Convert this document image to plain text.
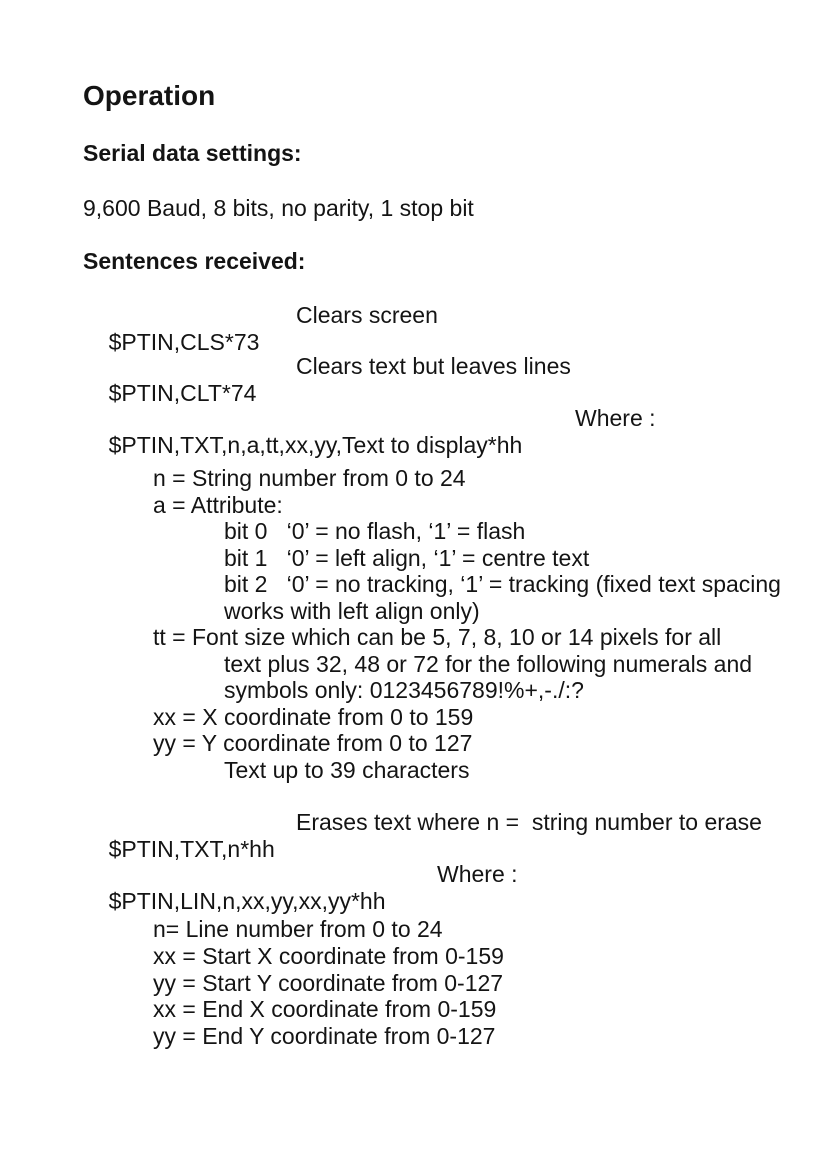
Operation
Serial data settings:
9,600 Baud, 8 bits, no parity, 1 stop bit
Sentences received:

$PTIN,CLS*73

Clears screen

$PTIN,CLT*74

Clears text but leaves lines

$PTIN,TXT,n,a,tt,xx,yy,Text to display*hh

Where :

n = String number from 0 to 24
a = Attribute:
bit 0   ‘0’ = no flash, ‘1’ = flash
bit 1   ‘0’ = left align, ‘1’ = centre text
bit 2   ‘0’ = no tracking, ‘1’ = tracking (fixed text spacing
works with left align only)
tt = Font size which can be 5, 7, 8, 10 or 14 pixels for all
text plus 32, 48 or 72 for the following numerals and
symbols only: 0123456789!%+,-./:?
xx = X coordinate from 0 to 159
yy = Y coordinate from 0 to 127
Text up to 39 characters

$PTIN,TXT,n*hh

Erases text where n =  string number to erase

$PTIN,LIN,n,xx,yy,xx,yy*hh

Where :

n= Line number from 0 to 24
xx = Start X coordinate from 0-159
yy = Start Y coordinate from 0-127
xx = End X coordinate from 0-159
yy = End Y coordinate from 0-127
